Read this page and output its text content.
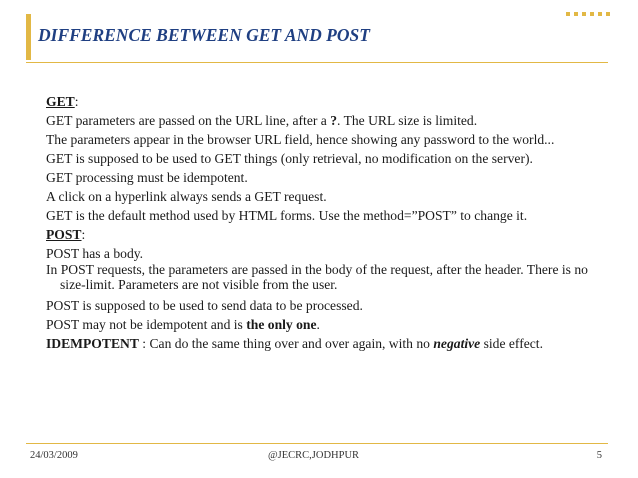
DIFFERENCE BETWEEN GET AND POST
GET:
GET parameters are passed on the URL line, after a ?. The URL size is limited.
The parameters appear in the browser URL field, hence showing any password to the world...
GET is supposed to be used to GET things (only retrieval, no modification on the server).
GET processing must be idempotent.
A click on a hyperlink always sends a GET request.
GET is the default method used by HTML forms. Use the method=”POST” to change it.
POST:
POST has a body.
In POST requests, the parameters are passed in the body of the request, after the header. There is no size-limit. Parameters are not visible from the user.
POST is supposed to be used to send data to be processed.
POST may not be idempotent and is the only one.
IDEMPOTENT : Can do the same thing over and over again, with no negative side effect.
24/03/2009	@JECRC,JODHPUR	5
